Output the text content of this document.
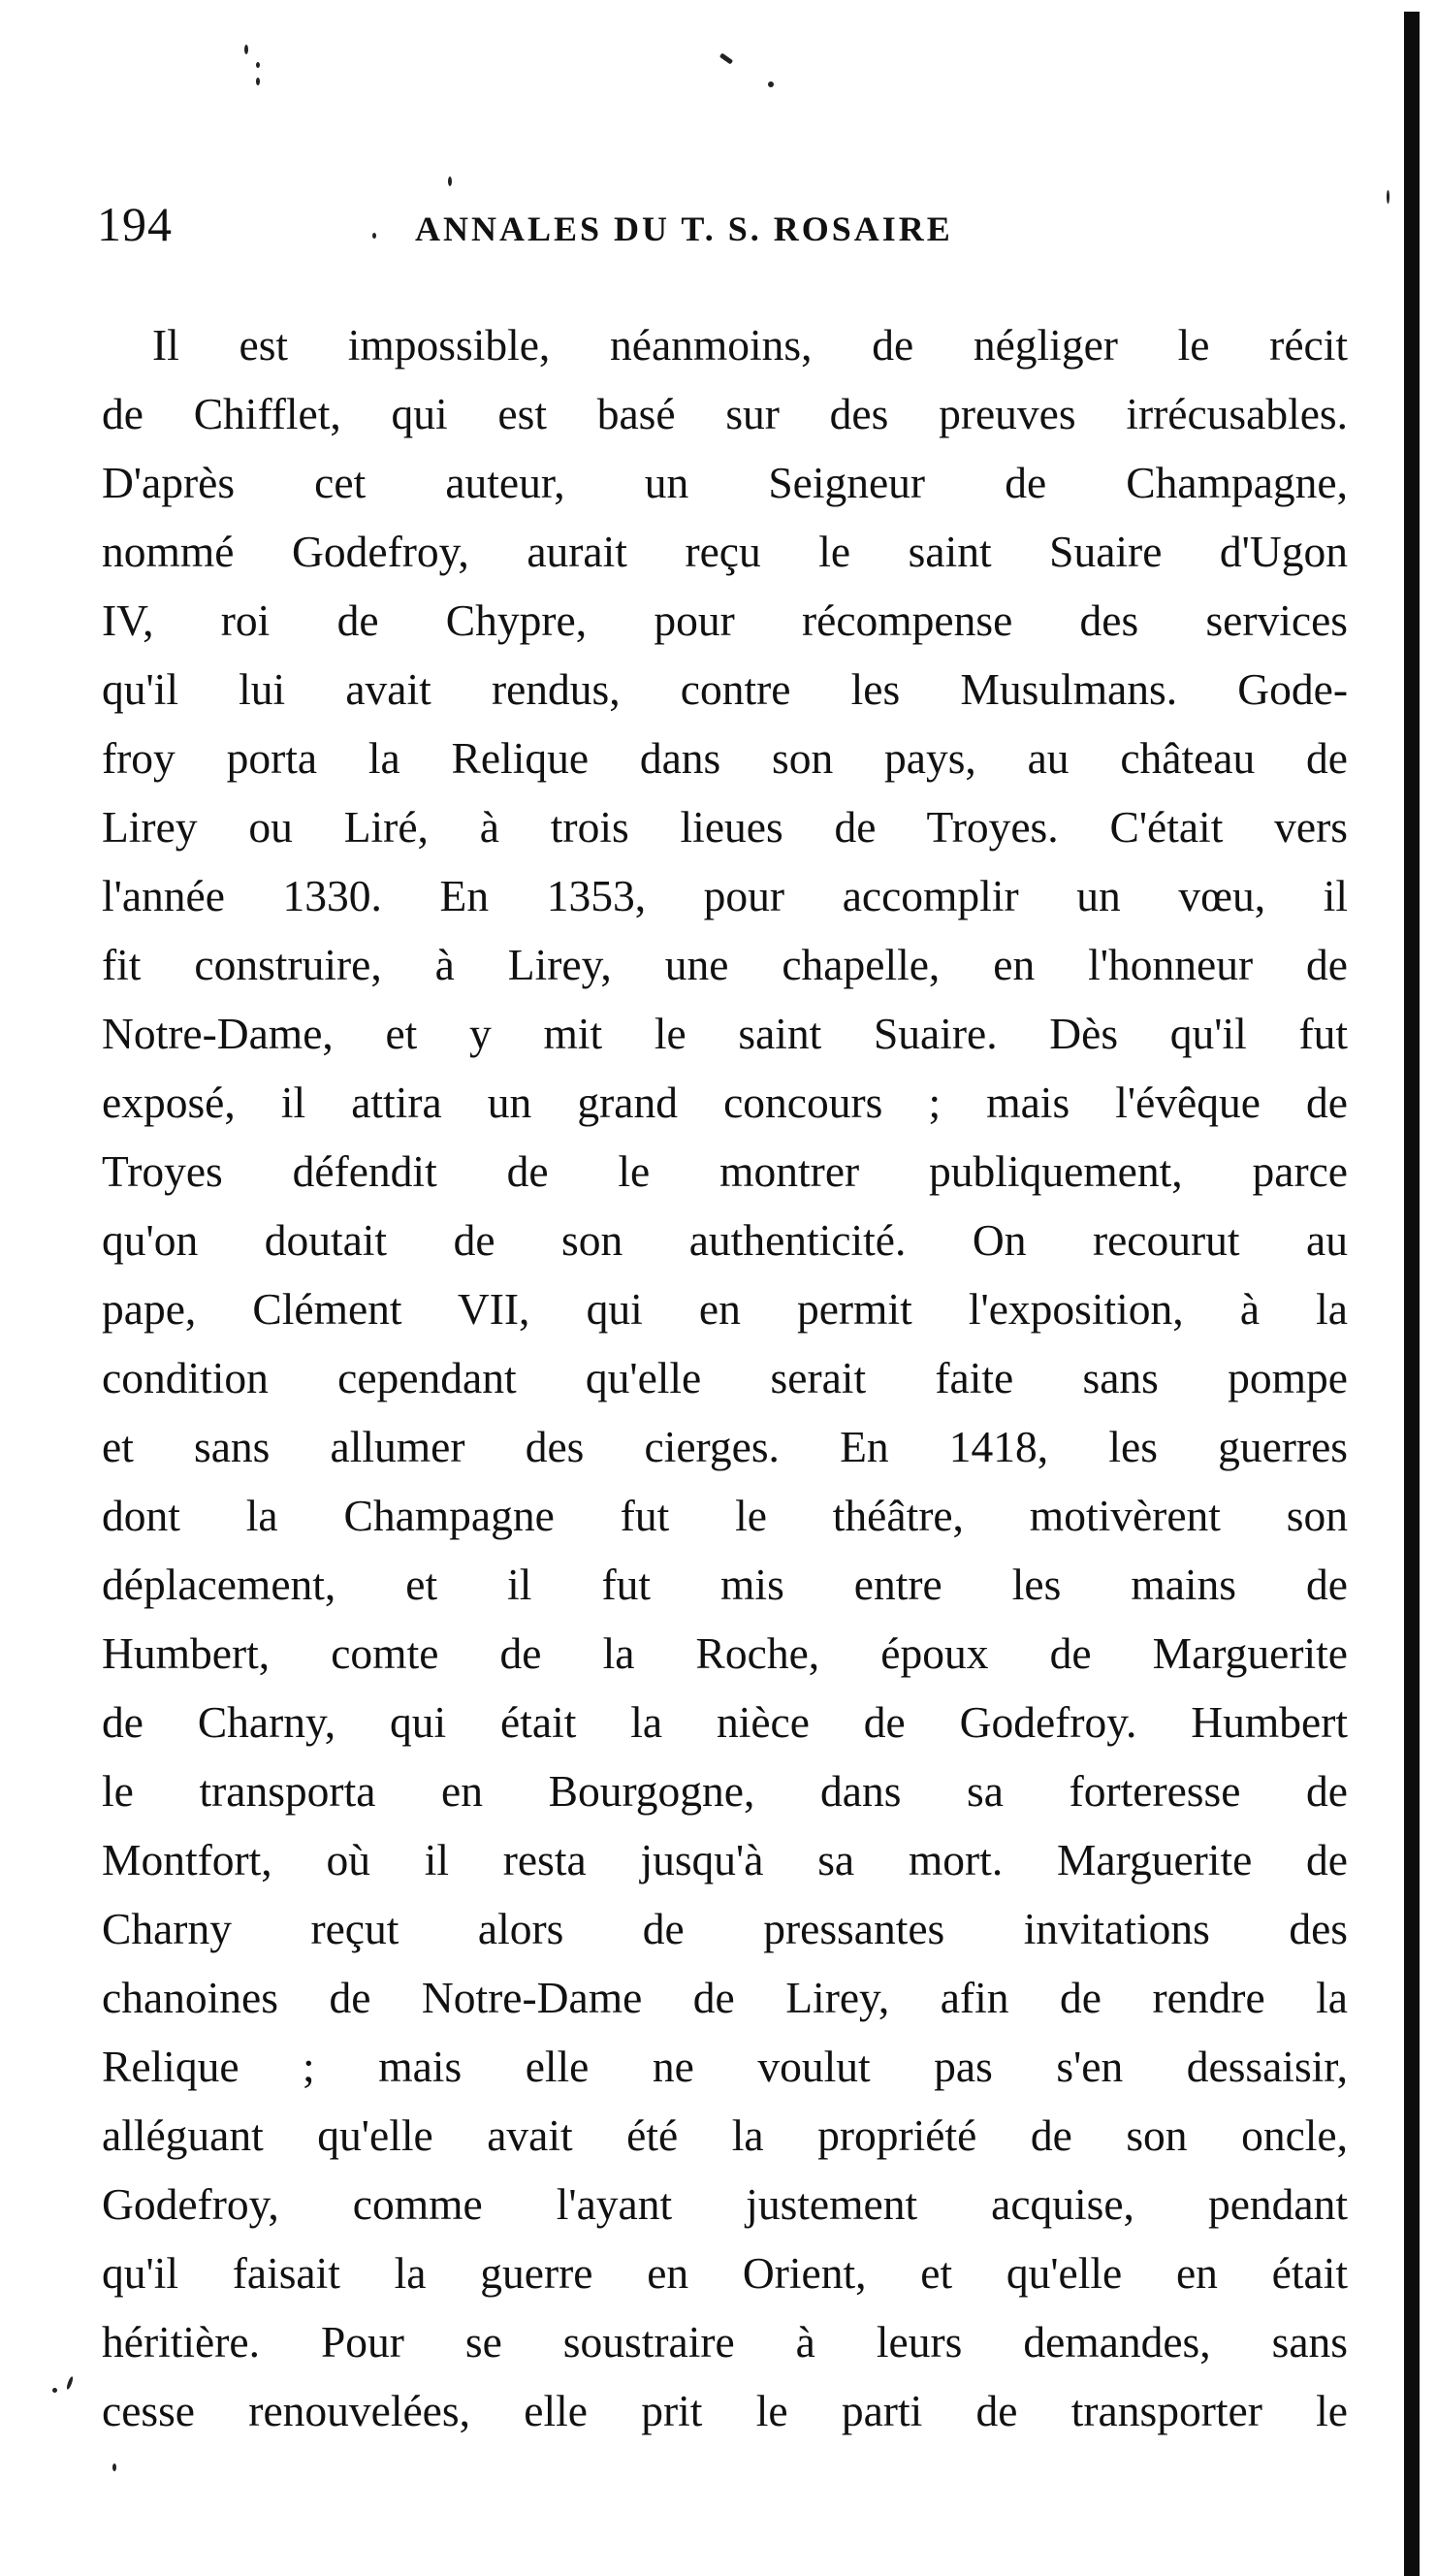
194	ANNALES DU T. S. ROSAIRE
Il est impossible, néanmoins, de négliger le récit
de Chifflet, qui est basé sur des preuves irrécusables.
D'après cet auteur, un Seigneur de Champagne,
nommé Godefroy, aurait reçu le saint Suaire d'Ugon
IV, roi de Chypre, pour récompense des services
qu'il lui avait rendus, contre les Musulmans. Gode-
froy porta la Relique dans son pays, au château de
Lirey ou Liré, à trois lieues de Troyes. C'était vers
l'année 1330. En 1353, pour accomplir un vœu, il
fit construire, à Lirey, une chapelle, en l'honneur de
Notre-Dame, et y mit le saint Suaire. Dès qu'il fut
exposé, il attira un grand concours ; mais l'évêque de
Troyes défendit de le montrer publiquement, parce
qu'on doutait de son authenticité. On recourut au
pape, Clément VII, qui en permit l'exposition, à la
condition cependant qu'elle serait faite sans pompe
et sans allumer des cierges. En 1418, les guerres
dont la Champagne fut le théâtre, motivèrent son
déplacement, et il fut mis entre les mains de
Humbert, comte de la Roche, époux de Marguerite
de Charny, qui était la nièce de Godefroy. Humbert
le transporta en Bourgogne, dans sa forteresse de
Montfort, où il resta jusqu'à sa mort. Marguerite de
Charny reçut alors de pressantes invitations des
chanoines de Notre-Dame de Lirey, afin de rendre la
Relique ; mais elle ne voulut pas s'en dessaisir,
alléguant qu'elle avait été la propriété de son oncle,
Godefroy, comme l'ayant justement acquise, pendant
qu'il faisait la guerre en Orient, et qu'elle en était
héritière. Pour se soustraire à leurs demandes, sans
cesse renouvelées, elle prit le parti de transporter le
